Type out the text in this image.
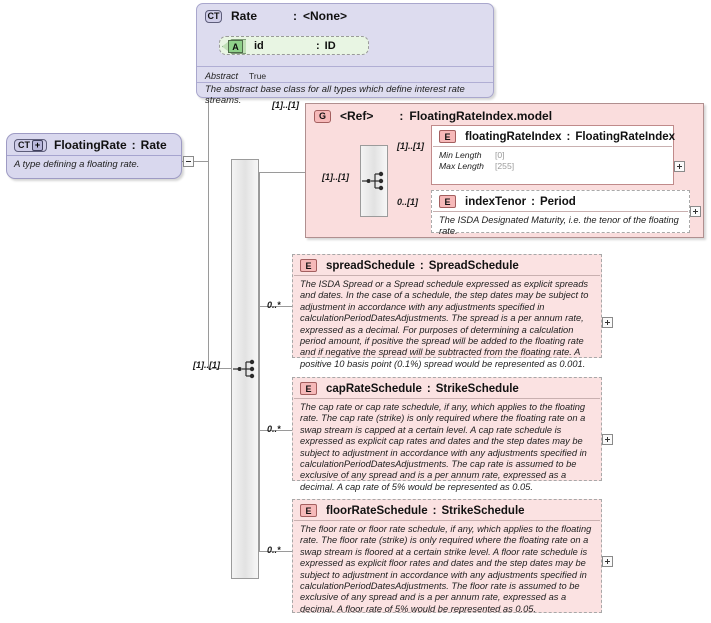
CT Rate	: <None>
A	id	: ID
Abstract	True
The abstract base class for all types which define interest rate streams.	[1]..[1]
CT + FloatingRate : Rate
A type defining a floating rate.
[1]..[1]
G	<Ref> : FloatingRateIndex.model
[1]..[1]
[1]..[1]
E	floatingRateIndex : FloatingRateIndex
Min Length	[0]
Max Length	[255]
0..[1]	E	indexTenor : Period
The ISDA Designated Maturity, i.e. the tenor of the floating rate.
0..*
E	spreadSchedule : SpreadSchedule
The ISDA Spread or a Spread schedule expressed as explicit spreads and dates. In the case of a schedule, the step dates may be subject to adjustment in accordance with any adjustments specified in calculationPeriodDatesAdjustments. The spread is a per annum rate, expressed as a decimal. For purposes of determining a calculation period amount, if positive the spread will be added to the floating rate and if negative the spread will be subtracted from the floating rate. A positive 10 basis point (0.1%) spread would be represented as 0.001.
0..*
E	capRateSchedule : StrikeSchedule
The cap rate or cap rate schedule, if any, which applies to the floating rate. The cap rate (strike) is only required where the floating rate on a swap stream is capped at a certain level. A cap rate schedule is expressed as explicit cap rates and dates and the step dates may be subject to adjustment in accordance with any adjustments specified in calculationPeriodDatesAdjustments. The cap rate is assumed to be exclusive of any spread and is a per annum rate, expressed as a decimal. A cap rate of 5% would be represented as 0.05.
0..*
E	floorRateSchedule : StrikeSchedule
The floor rate or floor rate schedule, if any, which applies to the floating rate. The floor rate (strike) is only required where the floating rate on a swap stream is floored at a certain strike level. A floor rate schedule is expressed as explicit floor rates and dates and the step dates may be subject to adjustment in accordance with any adjustments specified in calculationPeriodDatesAdjustments. The floor rate is assumed to be exclusive of any spread and is a per annum rate, expressed as a decimal. A floor rate of 5% would be represented as 0.05.
